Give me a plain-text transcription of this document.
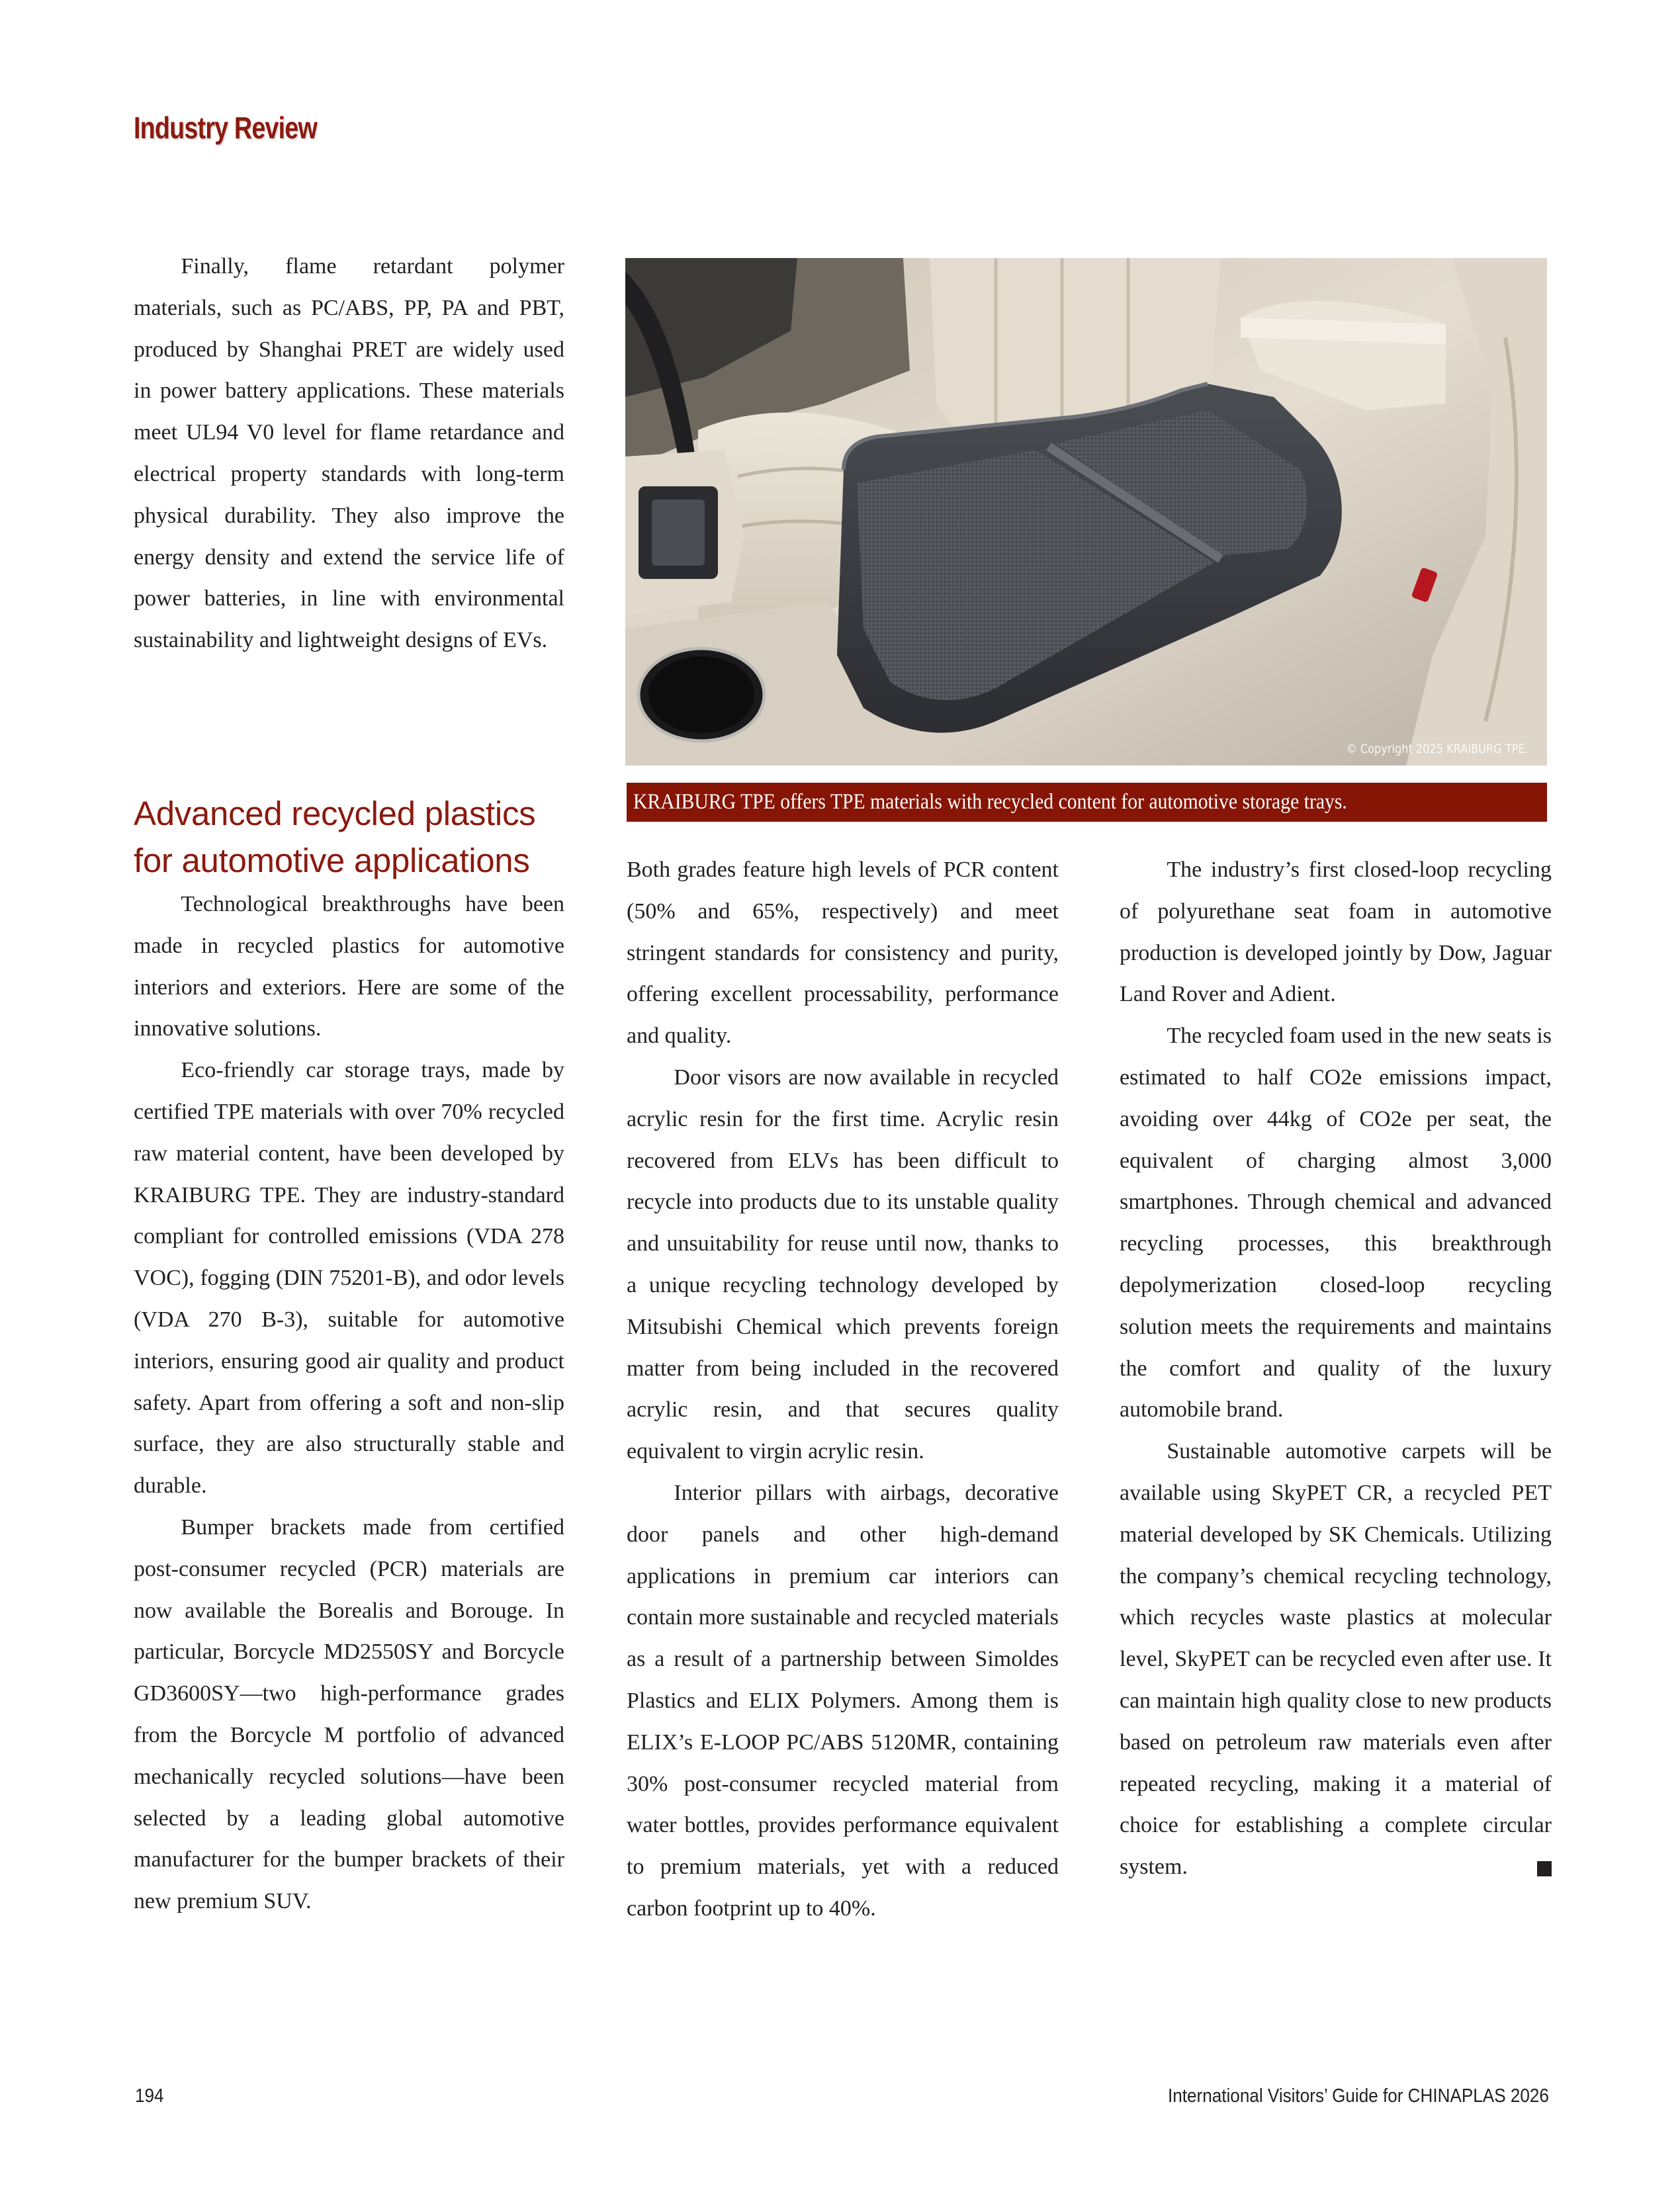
Industry Review

Finally, flame retardant polymer materials, such as PC/ABS, PP, PA and PBT, produced by Shanghai PRET are widely used in power battery applications. These materials meet UL94 V0 level for flame retardance and electrical property standards with long-term physical durability. They also improve the energy density and extend the service life of power batteries, in line with environmental sustainability and lightweight designs of EVs.

Advanced recycled plastics for automotive applications

Technological breakthroughs have been made in recycled plastics for automotive interiors and exteriors. Here are some of the innovative solutions.

Eco-friendly car storage trays, made by certified TPE materials with over 70% recycled raw material content, have been developed by KRAIBURG TPE. They are industry-standard compliant for controlled emissions (VDA 278 VOC), fogging (DIN 75201-B), and odor levels (VDA 270 B-3), suitable for automotive interiors, ensuring good air quality and product safety. Apart from offering a soft and non-slip surface, they are also structurally stable and durable.

Bumper brackets made from certified post-consumer recycled (PCR) materials are now available the Borealis and Borouge. In particular, Borcycle MD2550SY and Borcycle GD3600SY—two high-performance grades from the Borcycle M portfolio of advanced mechanically recycled solutions—have been selected by a leading global automotive manufacturer for the bumper brackets of their new premium SUV.

© Copyright 2025 KRAIBURG TPE.
KRAIBURG TPE offers TPE materials with recycled content for automotive storage trays.

Both grades feature high levels of PCR content (50% and 65%, respectively) and meet stringent standards for consistency and purity, offering excellent processability, performance and quality.

Door visors are now available in recycled acrylic resin for the first time. Acrylic resin recovered from ELVs has been difficult to recycle into products due to its unstable quality and unsuitability for reuse until now, thanks to a unique recycling technology developed by Mitsubishi Chemical which prevents foreign matter from being included in the recovered acrylic resin, and that secures quality equivalent to virgin acrylic resin.

Interior pillars with airbags, decorative door panels and other high-demand applications in premium car interiors can contain more sustainable and recycled materials as a result of a partnership between Simoldes Plastics and ELIX Polymers. Among them is ELIX’s E-LOOP PC/ABS 5120MR, containing 30% post-consumer recycled material from water bottles, provides performance equivalent to premium materials, yet with a reduced carbon footprint up to 40%.

The industry’s first closed-loop recycling of polyurethane seat foam in automotive production is developed jointly by Dow, Jaguar Land Rover and Adient.

The recycled foam used in the new seats is estimated to half CO2e emissions impact, avoiding over 44kg of CO2e per seat, the equivalent of charging almost 3,000 smartphones. Through chemical and advanced recycling processes, this breakthrough depolymerization closed-loop recycling solution meets the requirements and maintains the comfort and quality of the luxury automobile brand.

Sustainable automotive carpets will be available using SkyPET CR, a recycled PET material developed by SK Chemicals. Utilizing the company’s chemical recycling technology, which recycles waste plastics at molecular level, SkyPET can be recycled even after use. It can maintain high quality close to new products based on petroleum raw materials even after repeated recycling, making it a material of choice for establishing a complete circular system.

194	International Visitors’ Guide for CHINAPLAS 2026
